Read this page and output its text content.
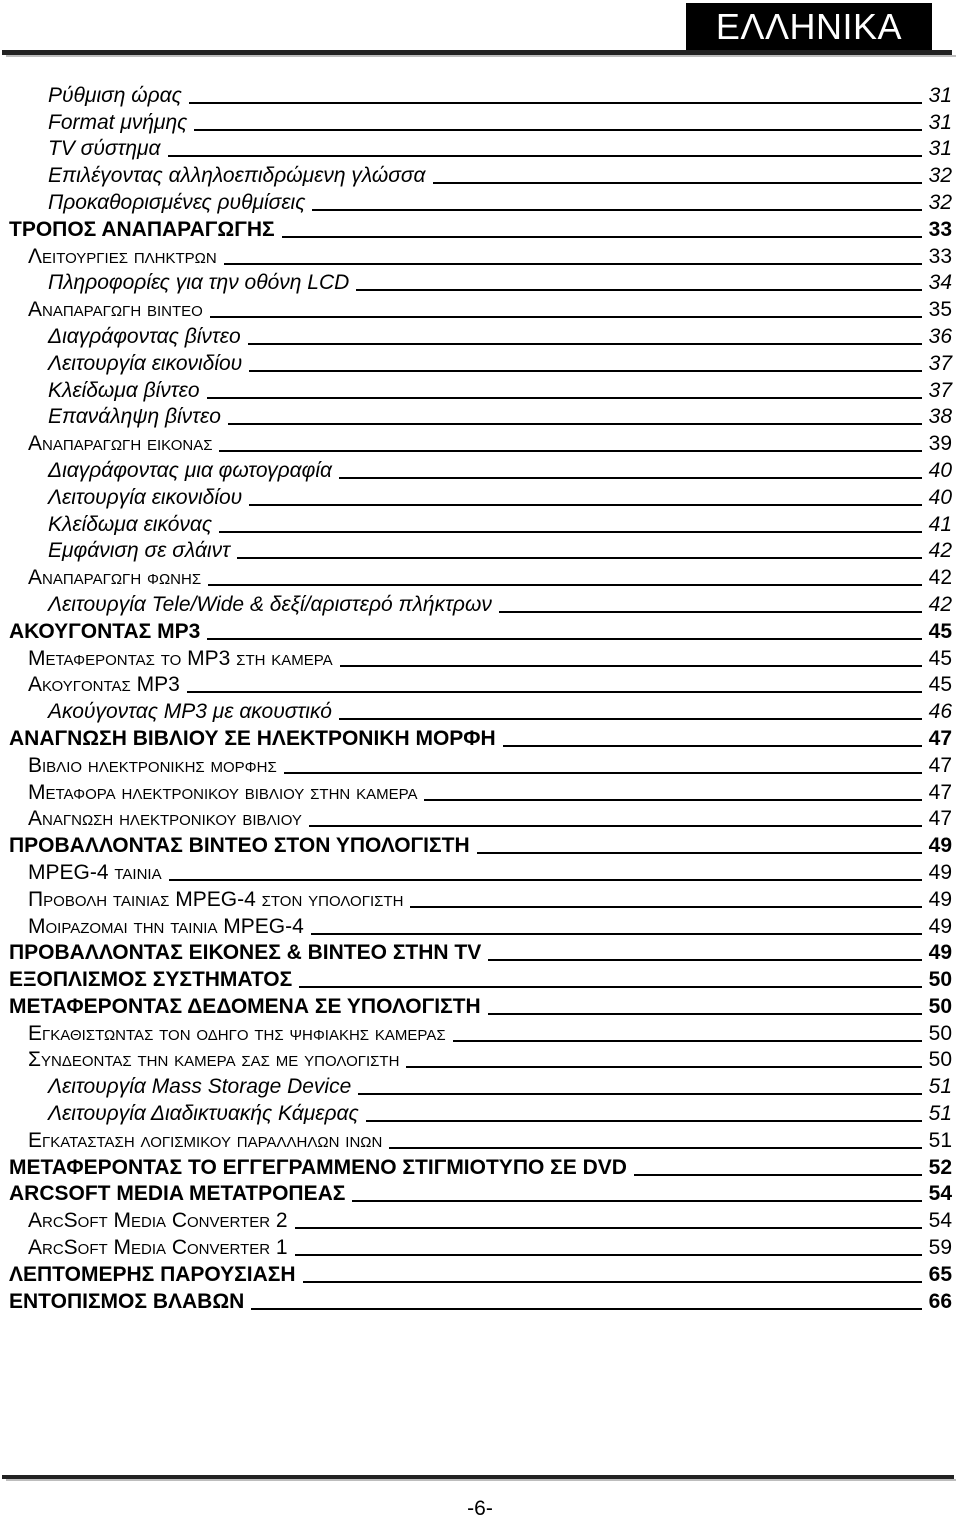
ΕΛΛΗΝΙΚΑ
Ρύθμιση ώρας	31
Format μνήμης	31
TV σύστημα	31
Επιλέγοντας αλληλοεπιδρώμενη γλώσσα	32
Προκαθορισμένες ρυθμίσεις	32
ΤΡΟΠΟΣ ΑΝΑΠΑΡΑΓΩΓΗΣ	33
Λειτουργιες πληκτρων	33
Πληροφορίες για την οθόνη LCD	34
Αναπαραγωγη βιντεο	35
Διαγράφοντας βίντεο	36
Λειτουργία εικονιδίου	37
Κλείδωμα βίντεο	37
Επανάληψη βίντεο	38
Αναπαραγωγη εικονας	39
Διαγράφοντας μια φωτογραφία	40
Λειτουργία εικονιδίου	40
Κλείδωμα εικόνας	41
Εμφάνιση σε σλάιντ	42
Αναπαραγωγη φωνης	42
Λειτουργία Tele/Wide & δεξί/αριστερό πλήκτρων	42
ΑΚΟΥΓΟΝΤΑΣ MP3	45
Μεταφεροντας το MP3 στη καμερα	45
Ακουγοντας MP3	45
Ακούγοντας MP3 με ακουστικό	46
ΑΝΑΓΝΩΣΗ ΒΙΒΛΙΟΥ ΣΕ ΗΛΕΚΤΡΟΝΙΚΗ ΜΟΡΦΗ	47
Βιβλιο ηλεκτρονικης μορφης	47
Μεταφορα ηλεκτρονικου βιβλιου στην καμερα	47
Αναγνωση ηλεκτρονικου βιβλιου	47
ΠΡΟΒΑΛΛΟΝΤΑΣ ΒΙΝΤΕΟ ΣΤΟΝ ΥΠΟΛΟΓΙΣΤΗ	49
MPEG-4 ταινια	49
Προβολη ταινιας MPEG-4 στον υπολογιστη	49
Μοιραζομαι την ταινια MPEG-4	49
ΠΡΟΒΑΛΛΟΝΤΑΣ ΕΙΚΟΝΕΣ & ΒΙΝΤΕΟ ΣΤΗΝ TV	49
ΕΞΟΠΛΙΣΜΟΣ ΣΥΣΤΗΜΑΤΟΣ	50
ΜΕΤΑΦΕΡΟΝΤΑΣ ΔΕΔΟΜΕΝΑ ΣΕ ΥΠΟΛΟΓΙΣΤΗ	50
Εγκαθιστωντας τον οδηγο της ψηφιακης καμερας	50
Συνδεοντας την καμερα σας με υπολογιστη	50
Λειτουργία Mass Storage Device	51
Λειτουργία Διαδικτυακής Κάμερας	51
Εγκατασταση λογισμικου παραλληλων ινων	51
ΜΕΤΑΦΕΡΟΝΤΑΣ ΤΟ ΕΓΓΕΓΡΑΜΜΕΝΟ ΣΤΙΓΜΙΟΤΥΠΟ ΣΕ DVD	52
ARCSOFT MEDIA ΜΕΤΑΤΡΟΠΕΑΣ	54
ArcSoft Media Converter 2	54
ArcSoft Media Converter 1	59
ΛΕΠΤΟΜΕΡΗΣ ΠΑΡΟΥΣΙΑΣΗ	65
ΕΝΤΟΠΙΣΜΟΣ ΒΛΑΒΩΝ	66
-6-
